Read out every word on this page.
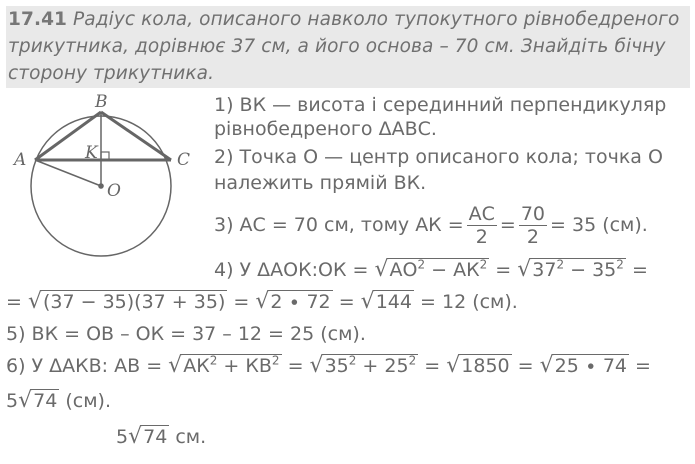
17.41 Радіус кола, описаного навколо тупокутного рівнобедреного
трикутника, дорівнює 37 см, а його основа – 70 см. Знайдіть бічну
сторону трикутника.
B
A	C
K
O
1) ВК — висота і серединний перпендикуляр
рівнобедреного ΔАВС.
2) Точка О — центр описаного кола; точка О
належить прямій ВК.
3) АС = 70 см, тому АК = $\frac{АС}{2} = \frac{70}{2} = 35$ (см).
4) У ΔАОК:ОК = $√АО^2 - АК^2 = √37^2 - 35^2$ =
= √(37 − 35)(37 + 35) = √2 ∙ 72 = √144 = 12 (см).
5) ВК = ОВ – ОК = 37 – 12 = 25 (см).
6) У ΔАКВ: АВ = $√АК^2 + КВ^2 = √35^2 + 25^2 = √1850 = √25 \cdot 74$ =
5√74 (см).
5√74 см.
